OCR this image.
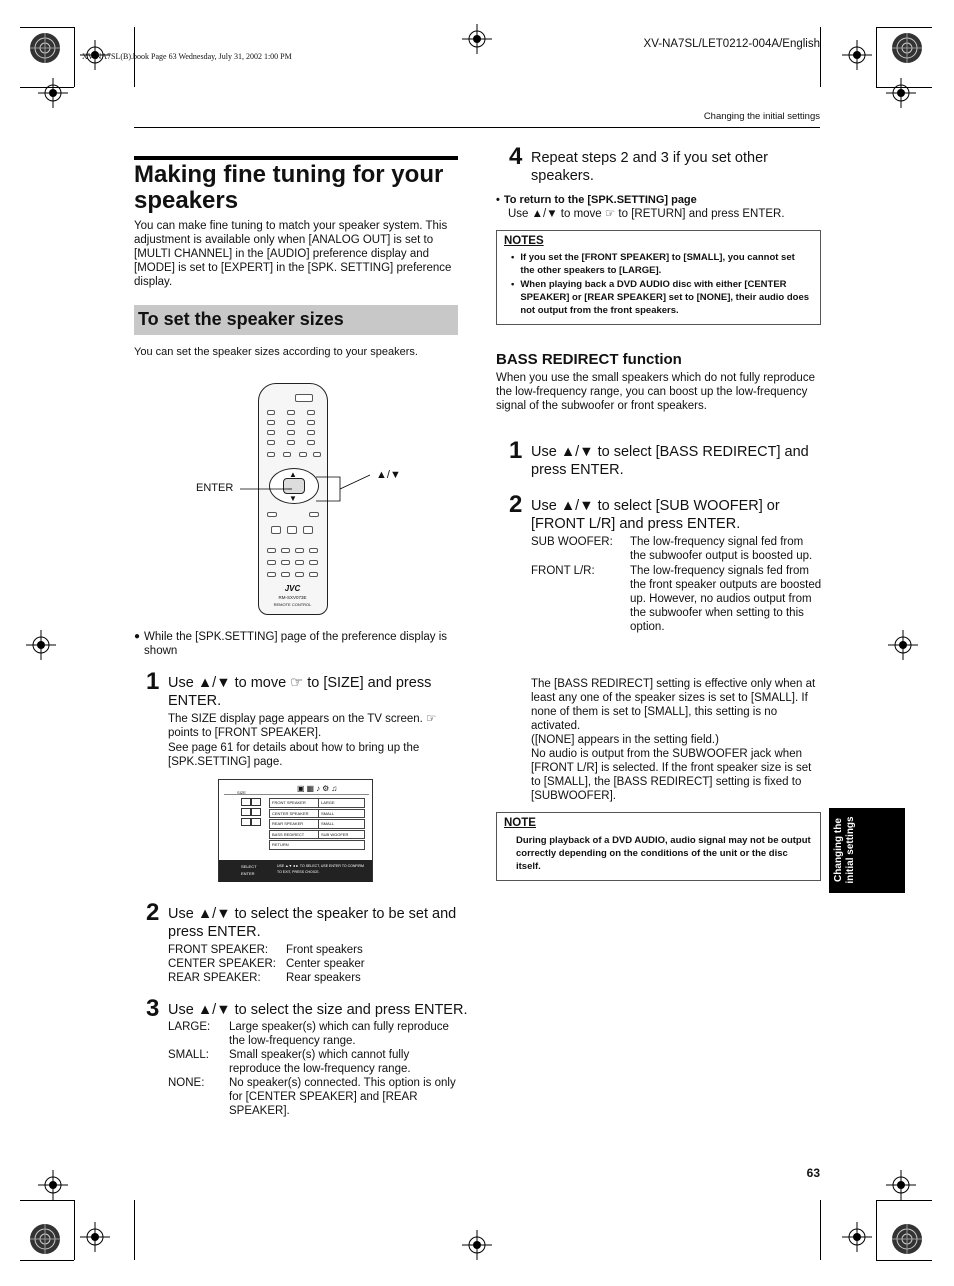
XV-NA7SL(B).book Page 63 Wednesday, July 31, 2002 1:00 PM
XV-NA7SL/LET0212-004A/English
Changing the initial settings
Making fine tuning for your speakers
You can make fine tuning to match your speaker system. This adjustment is available only when [ANALOG OUT] is set to [MULTI CHANNEL] in the [AUDIO] preference display and [MODE] is set to [EXPERT] in the [SPK. SETTING] preference display.
To set the speaker sizes
You can set the speaker sizes according to your speakers.
▲
▼
JVC
RM-SXV073E
REMOTE CONTROL
ENTER
▲/▼
● While the [SPK.SETTING] page of the preference display is shown
1 Use ▲/▼ to move ☞ to [SIZE] and press ENTER.
The SIZE display page appears on the TV screen. ☞ points to [FRONT SPEAKER].
See page 61 for details about how to bring up the [SPK.SETTING] page.
SIZE	▣▦♪⚙♫
FRONT SPEAKER	LARGE
CENTER SPEAKER	SMALL
REAR SPEAKER	SMALL
BASS REDIRECT	SUB WOOFER
RETURN
SELECT
ENTER
USE ▲▼◄► TO SELECT, USE ENTER TO CONFIRM
TO EXIT, PRESS CHOICE.
2 Use ▲/▼ to select the speaker to be set and press ENTER.
FRONT SPEAKER:	Front speakers
CENTER SPEAKER: Center speaker
REAR SPEAKER:	Rear speakers
3 Use ▲/▼ to select the size and press ENTER.
LARGE:	Large speaker(s) which can fully reproduce the low-frequency range.
SMALL:	Small speaker(s) which cannot fully reproduce the low-frequency range.
NONE:	No speaker(s) connected. This option is only for [CENTER SPEAKER] and [REAR SPEAKER].
4 Repeat steps 2 and 3 if you set other speakers.
• To return to the [SPK.SETTING] page
Use ▲/▼ to move ☞ to [RETURN] and press ENTER.
NOTES
• If you set the [FRONT SPEAKER] to [SMALL], you cannot set the other speakers to [LARGE].
• When playing back a DVD AUDIO disc with either [CENTER SPEAKER] or [REAR SPEAKER] set to [NONE], their audio does not output from the front speakers.
BASS REDIRECT function
When you use the small speakers which do not fully reproduce the low-frequency range, you can boost up the low-frequency signal of the subwoofer or front speakers.
1 Use ▲/▼ to select [BASS REDIRECT] and press ENTER.
2 Use ▲/▼ to select [SUB WOOFER] or [FRONT L/R] and press ENTER.
SUB WOOFER:	The low-frequency signal fed from the subwoofer output is boosted up.
FRONT L/R:	The low-frequency signals fed from the front speaker outputs are boosted up. However, no audios output from the subwoofer when setting to this option.
The [BASS REDIRECT] setting is effective only when at least any one of the speaker sizes is set to [SMALL]. If none of them is set to [SMALL], this setting is no activated.
([NONE] appears in the setting field.)
No audio is output from the SUBWOOFER jack when [FRONT L/R] is selected. If the front speaker size is set to [SMALL], the [BASS REDIRECT] setting is fixed to [SUBWOOFER].
NOTE
During playback of a DVD AUDIO, audio signal may not be output correctly depending on the conditions of the unit or the disc itself.	Changing the initial settings
63
